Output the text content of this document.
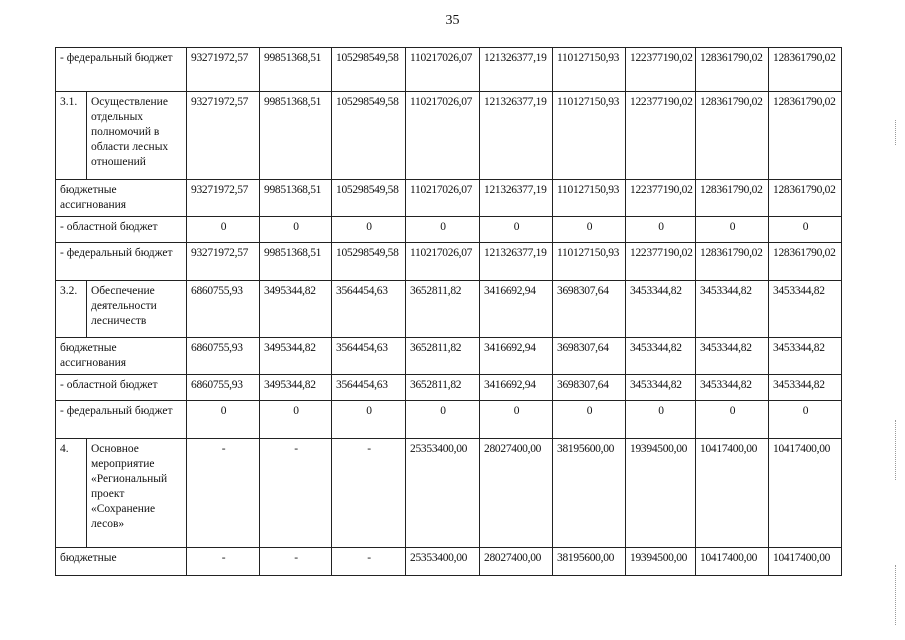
35
- федеральный бюджет		93271972,57	99851368,51	105298549,58	110217026,07	121326377,19	110127150,93	122377190,02	128361790,02	128361790,02
3.1.	Осуществление отдельных полномочий в области лесных отношений	93271972,57	99851368,51	105298549,58	110217026,07	121326377,19	110127150,93	122377190,02	128361790,02	128361790,02
бюджетные ассигнования		93271972,57	99851368,51	105298549,58	110217026,07	121326377,19	110127150,93	122377190,02	128361790,02	128361790,02
- областной бюджет		0	0	0	0	0	0	0	0	0
- федеральный бюджет		93271972,57	99851368,51	105298549,58	110217026,07	121326377,19	110127150,93	122377190,02	128361790,02	128361790,02
3.2.	Обеспечение деятельности лесничеств	6860755,93	3495344,82	3564454,63	3652811,82	3416692,94	3698307,64	3453344,82	3453344,82	3453344,82
бюджетные ассигнования		6860755,93	3495344,82	3564454,63	3652811,82	3416692,94	3698307,64	3453344,82	3453344,82	3453344,82
- областной бюджет		6860755,93	3495344,82	3564454,63	3652811,82	3416692,94	3698307,64	3453344,82	3453344,82	3453344,82
- федеральный бюджет		0	0	0	0	0	0	0	0	0
4.	Основное мероприятие «Региональный проект «Сохранение лесов»	-	-	-	25353400,00	28027400,00	38195600,00	19394500,00	10417400,00	10417400,00
бюджетные		-	-	-	25353400,00	28027400,00	38195600,00	19394500,00	10417400,00	10417400,00
